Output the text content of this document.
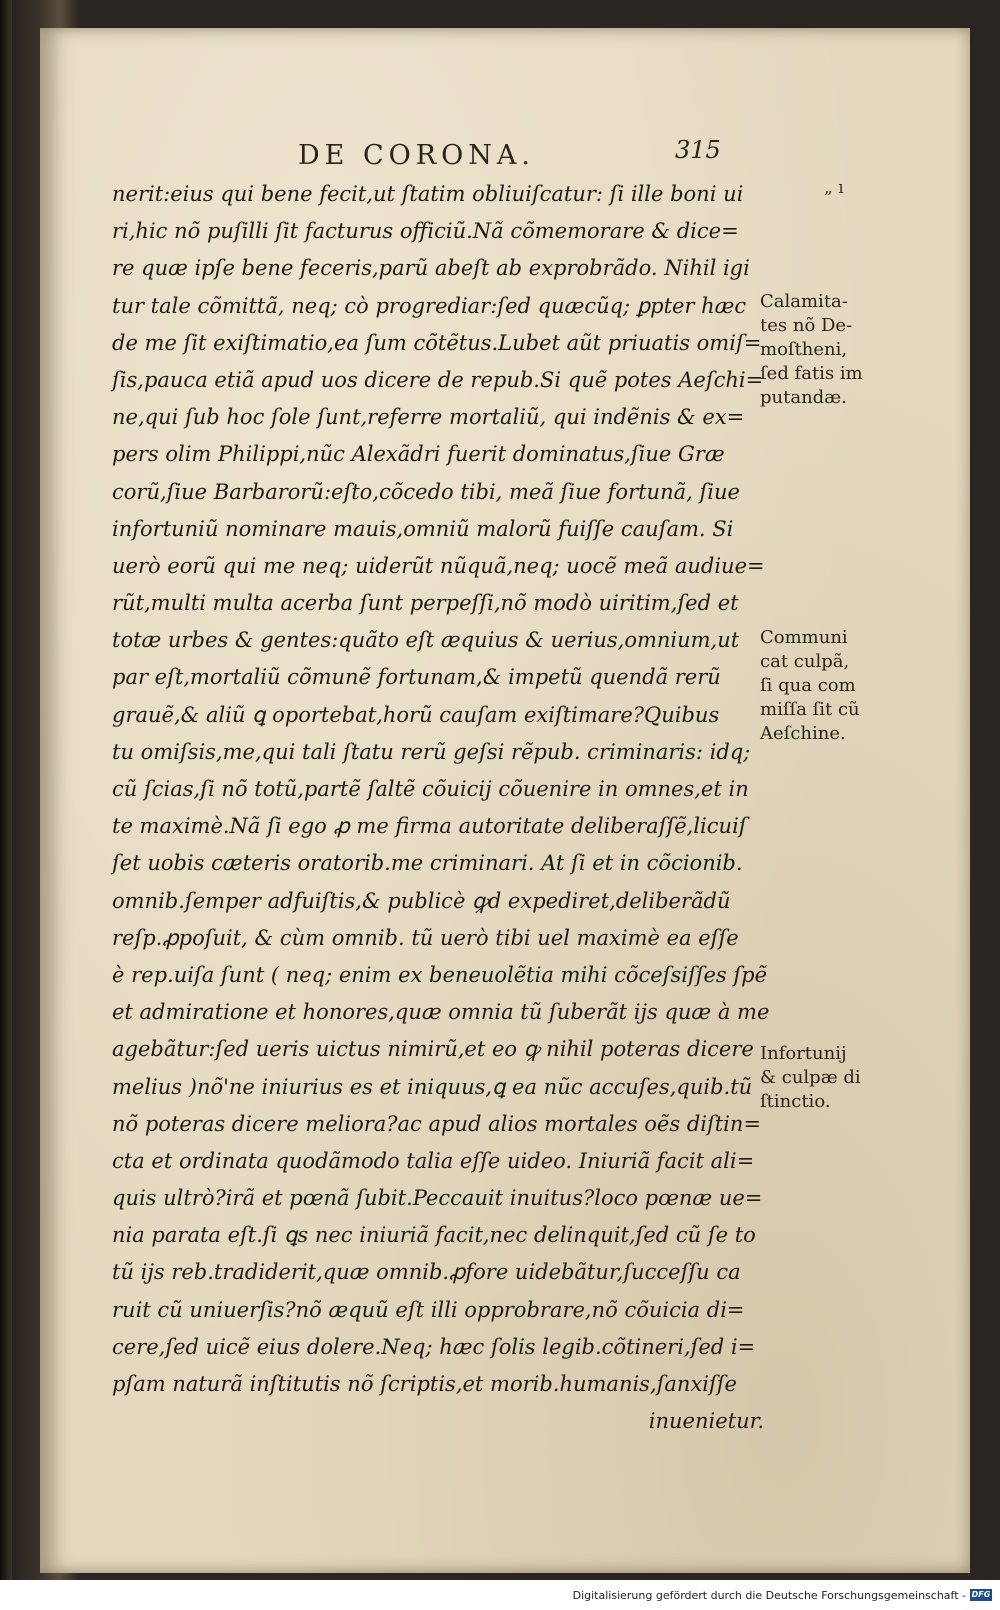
DE CORONA.	315
„ ı
nerit:eius qui bene fecit,ut ſtatim obliuiſcatur: ſi ille boni ui
ri,hic nõ puſilli ſit facturus officiũ.Nã cõmemorare & dice=
re quæ ipſe bene feceris,parũ abeſt ab exprobrãdo. Nihil igi
tur tale cõmittã, neq; cò progrediar:ſed quæcũq; ꝑpter hæc
de me ſit exiſtimatio,ea ſum cõtẽtus.Lubet aũt priuatis omiſ=
ſis,pauca etiã apud uos dicere de repub.Si quẽ potes Aeſchi=
ne,qui ſub hoc ſole ſunt,referre mortaliũ, qui indẽnis & ex=
pers olim Philippi,nũc Alexãdri fuerit dominatus,ſiue Græ
corũ,ſiue Barbarorũ:eſto,cõcedo tibi, meã ſiue fortunã, ſiue
infortuniũ nominare mauis,omniũ malorũ fuiſſe cauſam. Si
uerò eorũ qui me neq; uiderũt nũquã,neq; uocẽ meã audiue=
rũt,multi multa acerba ſunt perpeſſi,nõ modò uiritim,ſed et
totæ urbes & gentes:quãto eſt æquius & uerius,omnium,ut
par eſt,mortaliũ cõmunẽ fortunam,& impetũ quendã rerũ
grauẽ,& aliũ ꝗ oportebat,horũ cauſam exiſtimare?Quibus
tu omiſsis,me,qui tali ſtatu rerũ geſsi rẽpub. criminaris: idq;
cũ ſcias,ſi nõ totũ,partẽ ſaltẽ cõuicij cõuenire in omnes,et in
te maximè.Nã ſi ego ꝓ me firma autoritate deliberaſſẽ,licuiſ
ſet uobis cæteris oratorib.me criminari. At ſi et in cõcionib.
omnib.ſemper adfuiſtis,& publicè ꝙd expediret,deliberãdũ
reſp.ꝓpoſuit, & cùm omnib. tũ uerò tibi uel maximè ea eſſe
è rep.uiſa ſunt ( neq; enim ex beneuolẽtia mihi cõceſsiſſes ſpẽ
et admiratione et honores,quæ omnia tũ ſuberãt ijs quæ à me
agebãtur:ſed ueris uictus nimirũ,et eo ꝙ nihil poteras dicere
melius )nõ'ne iniurius es et iniquus,ꝗ ea nũc accuſes,quib.tũ
nõ poteras dicere meliora?ac apud alios mortales oẽs diſtin=
cta et ordinata quodãmodo talia eſſe uideo. Iniuriã facit ali=
quis ultrò?irã et pœnã ſubit.Peccauit inuitus?loco pœnæ ue=
nia parata eſt.ſi ꝗs nec iniuriã facit,nec delinquit,ſed cũ ſe to
tũ ijs reb.tradiderit,quæ omnib.ꝓfore uidebãtur,ſucceſſu ca
ruit cũ uniuerſis?nõ æquũ eſt illi opprobrare,nõ cõuicia di=
cere,ſed uicẽ eius dolere.Neq; hæc ſolis legib.cõtineri,ſed i=
pſam naturã inſtitutis nõ ſcriptis,et morib.humanis,ſanxiſſe
inuenietur.
Calamita-
tes nõ De-
moſtheni,
ſed fatis im
putandæ.
Communi
cat culpã,
ſi qua com
miſſa ſit cũ
Aeſchine.
Infortunij
& culpæ di
ſtinctio.
Digitalisierung gefördert durch die Deutsche Forschungsgemeinschaft - DFG
